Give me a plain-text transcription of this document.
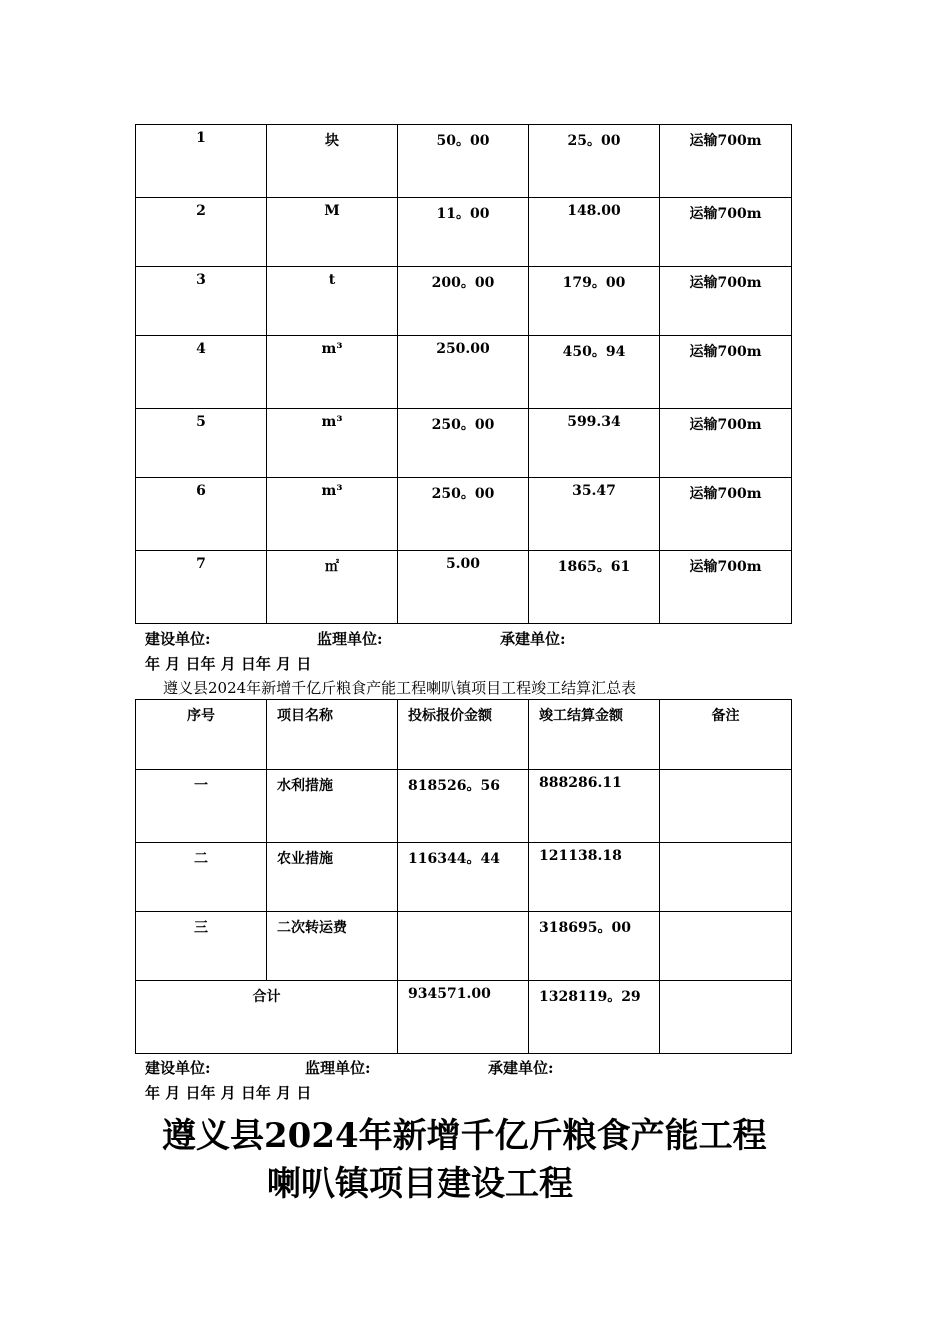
1	块	50。00	25。00	运输700m
2	M	11。00	148.00	运输700m
3	t	200。00	179。00	运输700m
4	m³	250.00	450。94	运输700m
5	m³	250。00	599.34	运输700m
6	m³	250。00	35.47	运输700m
7	㎡	5.00	1865。61	运输700m
建设单位:	监理单位:	承建单位:
年 月 日年 月 日年 月 日
遵义县2024年新增千亿斤粮食产能工程喇叭镇项目工程竣工结算汇总表
序号	项目名称	投标报价金额	竣工结算金额	备注
一	水利措施	818526。56	888286.11	
二	农业措施	116344。44	121138.18	
三	二次转运费		318695。00	
合计		934571.00	1328119。29	
建设单位:	监理单位:	承建单位:
年 月 日年 月 日年 月 日
遵义县2024年新增千亿斤粮食产能工程
喇叭镇项目建设工程
